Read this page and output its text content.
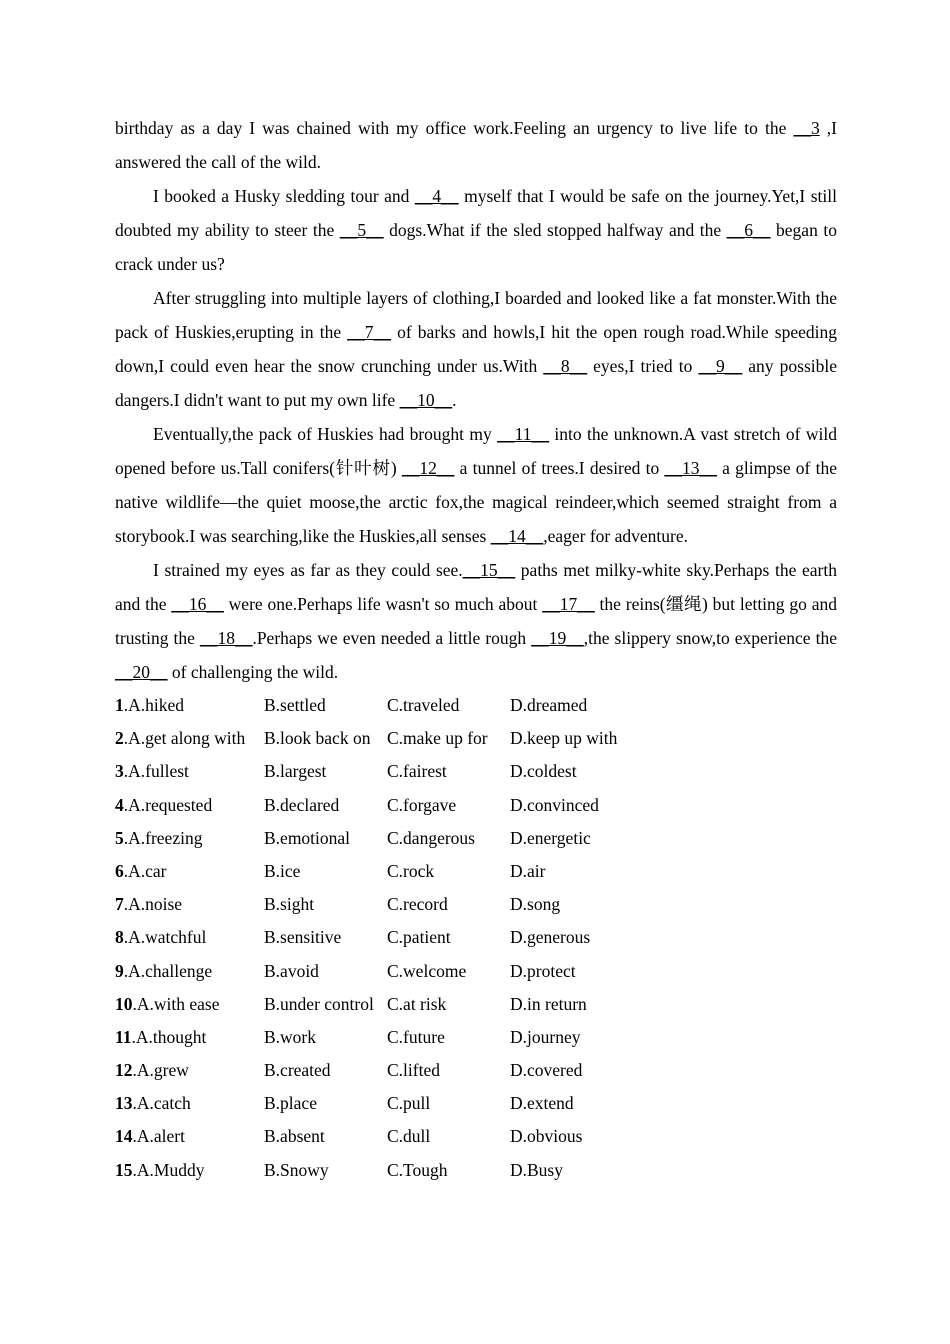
birthday as a day I was chained with my office work.Feeling an urgency to live life to the __3 ,I answered the call of the wild.

I booked a Husky sledding tour and __4__ myself that I would be safe on the journey.Yet,I still doubted my ability to steer the __5__ dogs.What if the sled stopped halfway and the __6__ began to crack under us?

After struggling into multiple layers of clothing,I boarded and looked like a fat monster.With the pack of Huskies,erupting in the __7__ of barks and howls,I hit the open rough road.While speeding down,I could even hear the snow crunching under us.With __8__ eyes,I tried to __9__ any possible dangers.I didn't want to put my own life __10__.

Eventually,the pack of Huskies had brought my __11__ into the unknown.A vast stretch of wild opened before us.Tall conifers(针叶树) __12__ a tunnel of trees.I desired to __13__ a glimpse of the native wildlife—the quiet moose,the arctic fox,the magical reindeer,which seemed straight from a storybook.I was searching,like the Huskies,all senses __14__,eager for adventure.

I strained my eyes as far as they could see.__15__ paths met milky-white sky.Perhaps the earth and the __16__ were one.Perhaps life wasn't so much about __17__ the reins(缰绳) but letting go and trusting the __18__.Perhaps we even needed a little rough __19__,the slippery snow,to experience the __20__ of challenging the wild.

1.A.hiked	B.settled	C.traveled	D.dreamed
2.A.get along with	B.look back on C.make up for	D.keep up with
3.A.fullest	B.largest	C.fairest	D.coldest
4.A.requested	B.declared	C.forgave	D.convinced
5.A.freezing	B.emotional	C.dangerous	D.energetic
6.A.car	B.ice	C.rock	D.air
7.A.noise	B.sight	C.record	D.song
8.A.watchful	B.sensitive	C.patient	D.generous
9.A.challenge	B.avoid	C.welcome	D.protect
10.A.with ease	B.under control C.at risk	D.in return
11.A.thought	B.work	C.future	D.journey
12.A.grew	B.created	C.lifted	D.covered
13.A.catch	B.place	C.pull	D.extend
14.A.alert	B.absent	C.dull	D.obvious
15.A.Muddy	B.Snowy	C.Tough	D.Busy
